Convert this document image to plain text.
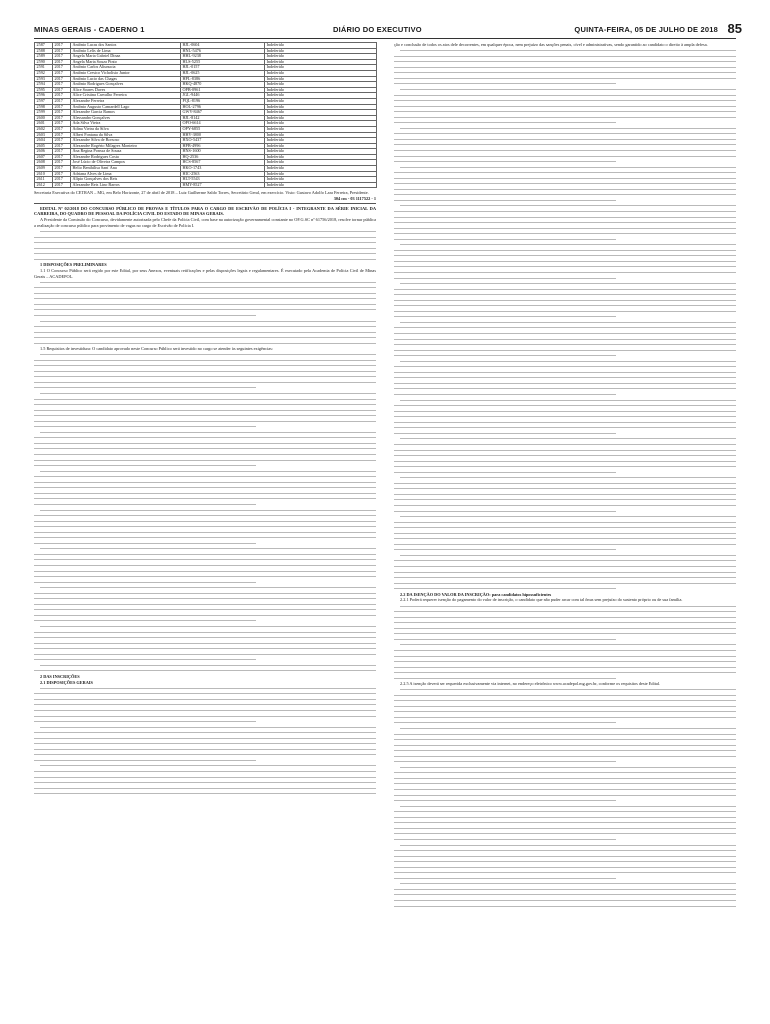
MINAS GERAIS - CADERNO 1	DIÁRIO DO EXECUTIVO	QUINTA-FEIRA, 05 DE JULHO DE 2018 85
2587	2017	Antônio Lucas dos Santos	HJL-0604	Indeferido
2588	2017	Antônio Lelis de Lima	HNL-5476	Indeferido
2589	2017	Angela Maria Gabriel Dinaz	HHL-9238	Indeferido
2590	2017	Angela Maria Souza Pinto	HLS-5255	Indeferido
2591	2017	Antônio Carlos Aliunucia	HJL-0157	Indeferido
2592	2017	Antônio Cresico Vicholisio Junior	HJL-0625	Indeferido
2593	2017	Antônio Lucio das Chagas	HPL-8386	Indeferido
2594	2017	Antônio Rodrigues Gonçalves	HKQ-4870	Indeferido
2595	2017	Alice Soares Daves	OPB-0961	Indeferido
2596	2017	Alice Cristina Carvalho Ferreira	JGL-9446	Indeferido
2597	2017	Alexandre Ferreira	PQL-8196	Indeferido
2598	2017	Antônio Augusto Camardell Lago	HOL-2796	Indeferido
2599	2017	Alexandre Garcia Ramos	GWV-8467	Indeferido
2600	2017	Alessandro Gonçalves	HJL-8142	Indeferido
2601	2017	Ada Silva Vieira	OPO-6614	Indeferido
2602	2017	Adina Vieira da Silva	OPY-6855	Indeferido
2603	2017	Albert Fontana da Silva	HHV-3800	Indeferido
2604	2017	Alexandre Silva de Borsoso	HXO-5437	Indeferido
2605	2017	Alexandre Rogério Milagres Monteiro	HPB-4996	Indeferido
2606	2017	Ana Regina Ponssa de Souza	HNS-1600	Indeferido
2607	2017	Alexandre Rodrigues Costa	HQ-2536	Indeferido
2608	2017	José Lúcio de Oliveira Campos	HCS-8567	Indeferido
2609	2017	Helio Benthilisa Sant´Ana	HKO-1743	Indeferido
2610	2017	Adriana Alves de Lima	HIC-2563	Indeferido
2611	2017	Alípio Gonçalves dos Reis	HLT-5543	Indeferido
2612	2017	Alexandre Reis Lino Barros	HMY-8527	Indeferido

Secretaria Executiva do CETRAN – MG, em Belo Horizonte, 27 de abril de 2018 – Luiz Guilherme Saldo Torres, Secretário Geral, em exercício. Visto: Gustavo Adolfo Lara Ferreira, Presidente.

304 cm - 03 1117522 - 1

EDITAL Nº 02/2018 DO CONCURSO PÚBLICO DE PROVAS E TÍTULOS PARA O CARGO DE ESCRIVÃO DE POLÍCIA I - INTEGRANTE DA SÉRIE INICIAL DA CARREIRA, DO QUADRO DE PESSOAL DA POLÍCIA CIVIL DO ESTADO DE MINAS GERAIS.

A Presidente da Comissão do Concurso, devidamente autorizada pelo Chefe da Polícia Civil, com base na autorização governamental constante no OF.G.SC nº 61756/2018, resolve tornar pública a realização de concurso público para provimento de vagas no cargo de Escrivão de Polícia I.

1 DISPOSIÇÕES PRELIMINARES

1.1 O Concurso Público será regido por este Edital, por seus Anexos, eventuais retificações e pelas disposições legais e regulamentares. É executado pela Academia de Polícia Civil de Minas Gerais – ACADEPOL.

1.5 Requisitos de investidura: O candidato aprovado neste Concurso Público será investido no cargo se atender às seguintes exigências:

2 DAS INSCRIÇÕES

2.1 DISPOSIÇÕES GERAIS

ção e conclusão de todos os atos dele decorrentes, em qualquer época, nem prejuízo das sanções penais, cível e administrativas, sendo garantido ao candidato o direito à ampla defesa.

2.2 DA ISENÇÃO DO VALOR DA INSCRIÇÃO: para candidatos hipossuficientes

2.2.1 Poderá requerer isenção do pagamento do valor de inscrição, o candidato que não puder arcar com tal ônus sem prejuízo do sustento próprio ou de sua família.

2.2.5 A isenção deverá ser requerida exclusivamente via internet, no endereço eletrônico www.acadepol.mg.gov.br, conforme os requisitos deste Edital.
